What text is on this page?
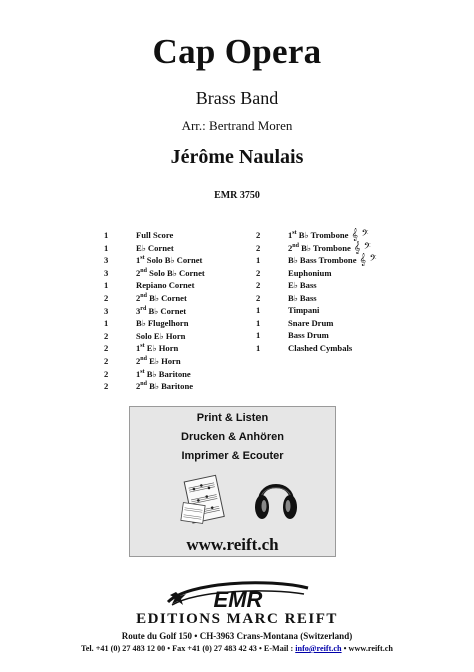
Cap Opera
Brass Band
Arr.: Bertrand Moren
Jérôme Naulais
EMR 3750
1	Full Score
1	E♭ Cornet
3	1st Solo B♭ Cornet
3	2nd Solo B♭ Cornet
1	Repiano Cornet
2	2nd B♭ Cornet
3	3rd B♭ Cornet
1	B♭ Flugelhorn
2	Solo E♭ Horn
2	1st E♭ Horn
2	2nd E♭ Horn
2	1st B♭ Baritone
2	2nd B♭ Baritone
2	1st B♭ Trombone 𝄞 𝄢
2	2nd B♭ Trombone 𝄞 𝄢
1	B♭ Bass Trombone 𝄞 𝄢
2	Euphonium
2	E♭ Bass
2	B♭ Bass
1	Timpani
1	Snare Drum
1	Bass Drum
1	Clashed Cymbals
Print & Listen
Drucken & Anhören
Imprimer & Ecouter
www.reift.ch
EMR
EDITIONS MARC REIFT
Route du Golf 150 • CH-3963 Crans-Montana (Switzerland)
Tel. +41 (0) 27 483 12 00 • Fax +41 (0) 27 483 42 43 • E-Mail : info@reift.ch • www.reift.ch
